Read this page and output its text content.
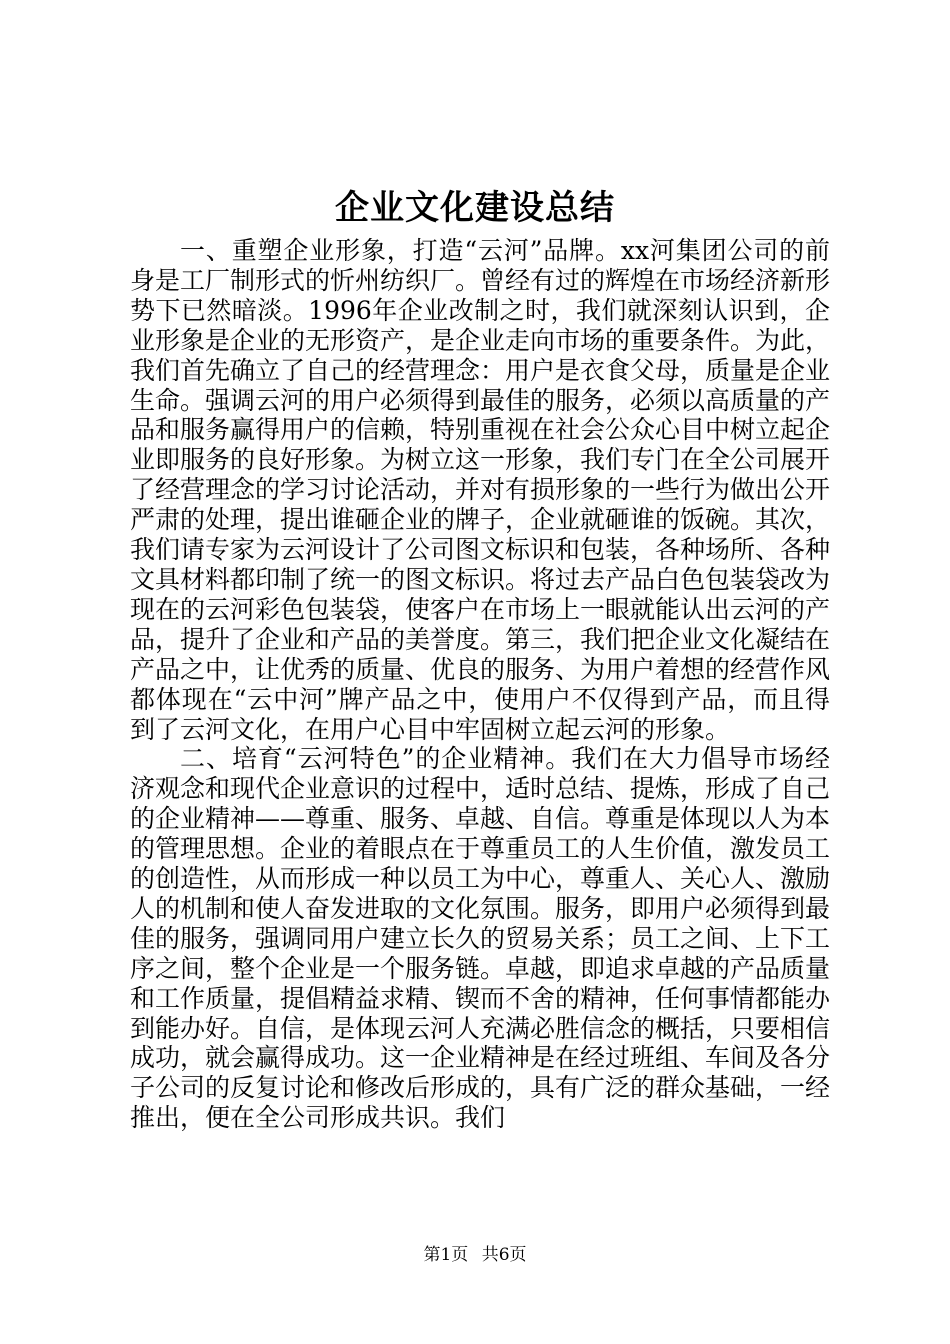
企业文化建设总结

一、重塑企业形象，打造“云河”品牌。xx河集团公司的前身是工厂制形式的忻州纺织厂。曾经有过的辉煌在市场经济新形势下已然暗淡。1996年企业改制之时，我们就深刻认识到，企业形象是企业的无形资产，是企业走向市场的重要条件。为此，我们首先确立了自己的经营理念：用户是衣食父母，质量是企业生命。强调云河的用户必须得到最佳的服务，必须以高质量的产品和服务赢得用户的信赖，特别重视在社会公众心目中树立起企业即服务的良好形象。为树立这一形象，我们专门在全公司展开了经营理念的学习讨论活动，并对有损形象的一些行为做出公开严肃的处理，提出谁砸企业的牌子，企业就砸谁的饭碗。其次，我们请专家为云河设计了公司图文标识和包装，各种场所、各种文具材料都印制了统一的图文标识。将过去产品白色包装袋改为现在的云河彩色包装袋，使客户在市场上一眼就能认出云河的产品，提升了企业和产品的美誉度。第三，我们把企业文化凝结在产品之中，让优秀的质量、优良的服务、为用户着想的经营作风都体现在“云中河”牌产品之中，使用户不仅得到产品，而且得到了云河文化，在用户心目中牢固树立起云河的形象。

二、培育“云河特色”的企业精神。我们在大力倡导市场经济观念和现代企业意识的过程中，适时总结、提炼，形成了自己的企业精神——尊重、服务、卓越、自信。尊重是体现以人为本的管理思想。企业的着眼点在于尊重员工的人生价值，激发员工的创造性，从而形成一种以员工为中心，尊重人、关心人、激励人的机制和使人奋发进取的文化氛围。服务，即用户必须得到最佳的服务，强调同用户建立长久的贸易关系；员工之间、上下工序之间，整个企业是一个服务链。卓越，即追求卓越的产品质量和工作质量，提倡精益求精、锲而不舍的精神，任何事情都能办到能办好。自信，是体现云河人充满必胜信念的概括，只要相信成功，就会赢得成功。这一企业精神是在经过班组、车间及各分子公司的反复讨论和修改后形成的，具有广泛的群众基础，一经推出，便在全公司形成共识。我们

第1页 共6页
